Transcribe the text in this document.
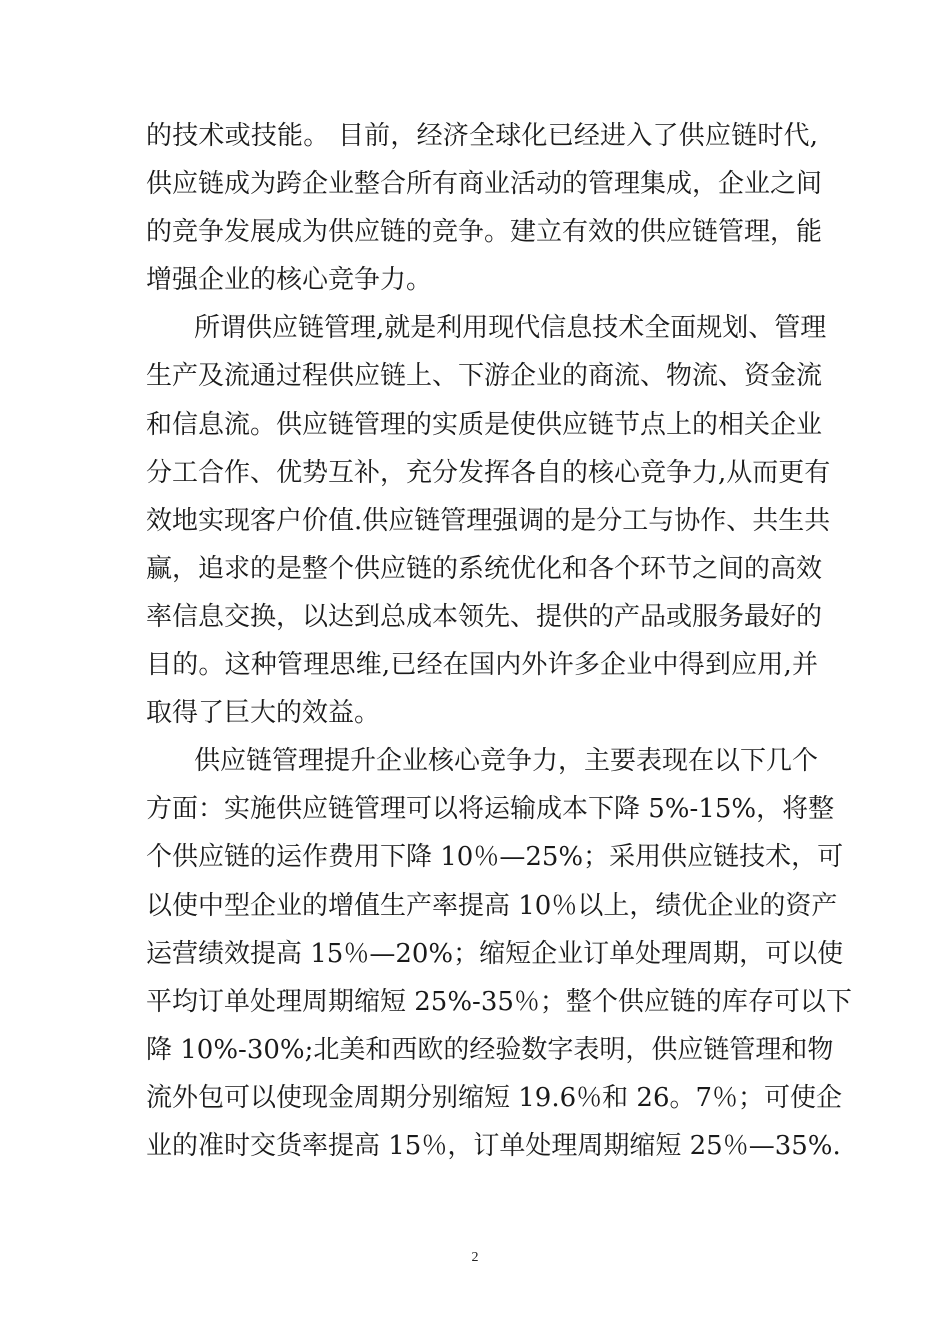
的技术或技能。 目前，经济全球化已经进入了供应链时代,
供应链成为跨企业整合所有商业活动的管理集成，企业之间
的竞争发展成为供应链的竞争。建立有效的供应链管理，能
增强企业的核心竞争力。
所谓供应链管理,就是利用现代信息技术全面规划、管理
生产及流通过程供应链上、下游企业的商流、物流、资金流
和信息流。供应链管理的实质是使供应链节点上的相关企业
分工合作、优势互补，充分发挥各自的核心竞争力,从而更有
效地实现客户价值.供应链管理强调的是分工与协作、共生共
赢，追求的是整个供应链的系统优化和各个环节之间的高效
率信息交换，以达到总成本领先、提供的产品或服务最好的
目的。这种管理思维,已经在国内外许多企业中得到应用,并
取得了巨大的效益。
供应链管理提升企业核心竞争力，主要表现在以下几个
方面：实施供应链管理可以将运输成本下降 5%-15%，将整
个供应链的运作费用下降 10％—25%；采用供应链技术，可
以使中型企业的增值生产率提高 10％以上，绩优企业的资产
运营绩效提高 15％—20%；缩短企业订单处理周期，可以使
平均订单处理周期缩短 25%-35％；整个供应链的库存可以下
降 10%-30%;北美和西欧的经验数字表明，供应链管理和物
流外包可以使现金周期分别缩短 19.6％和 26。7％；可使企
业的准时交货率提高 15％，订单处理周期缩短 25％—35%.
2
